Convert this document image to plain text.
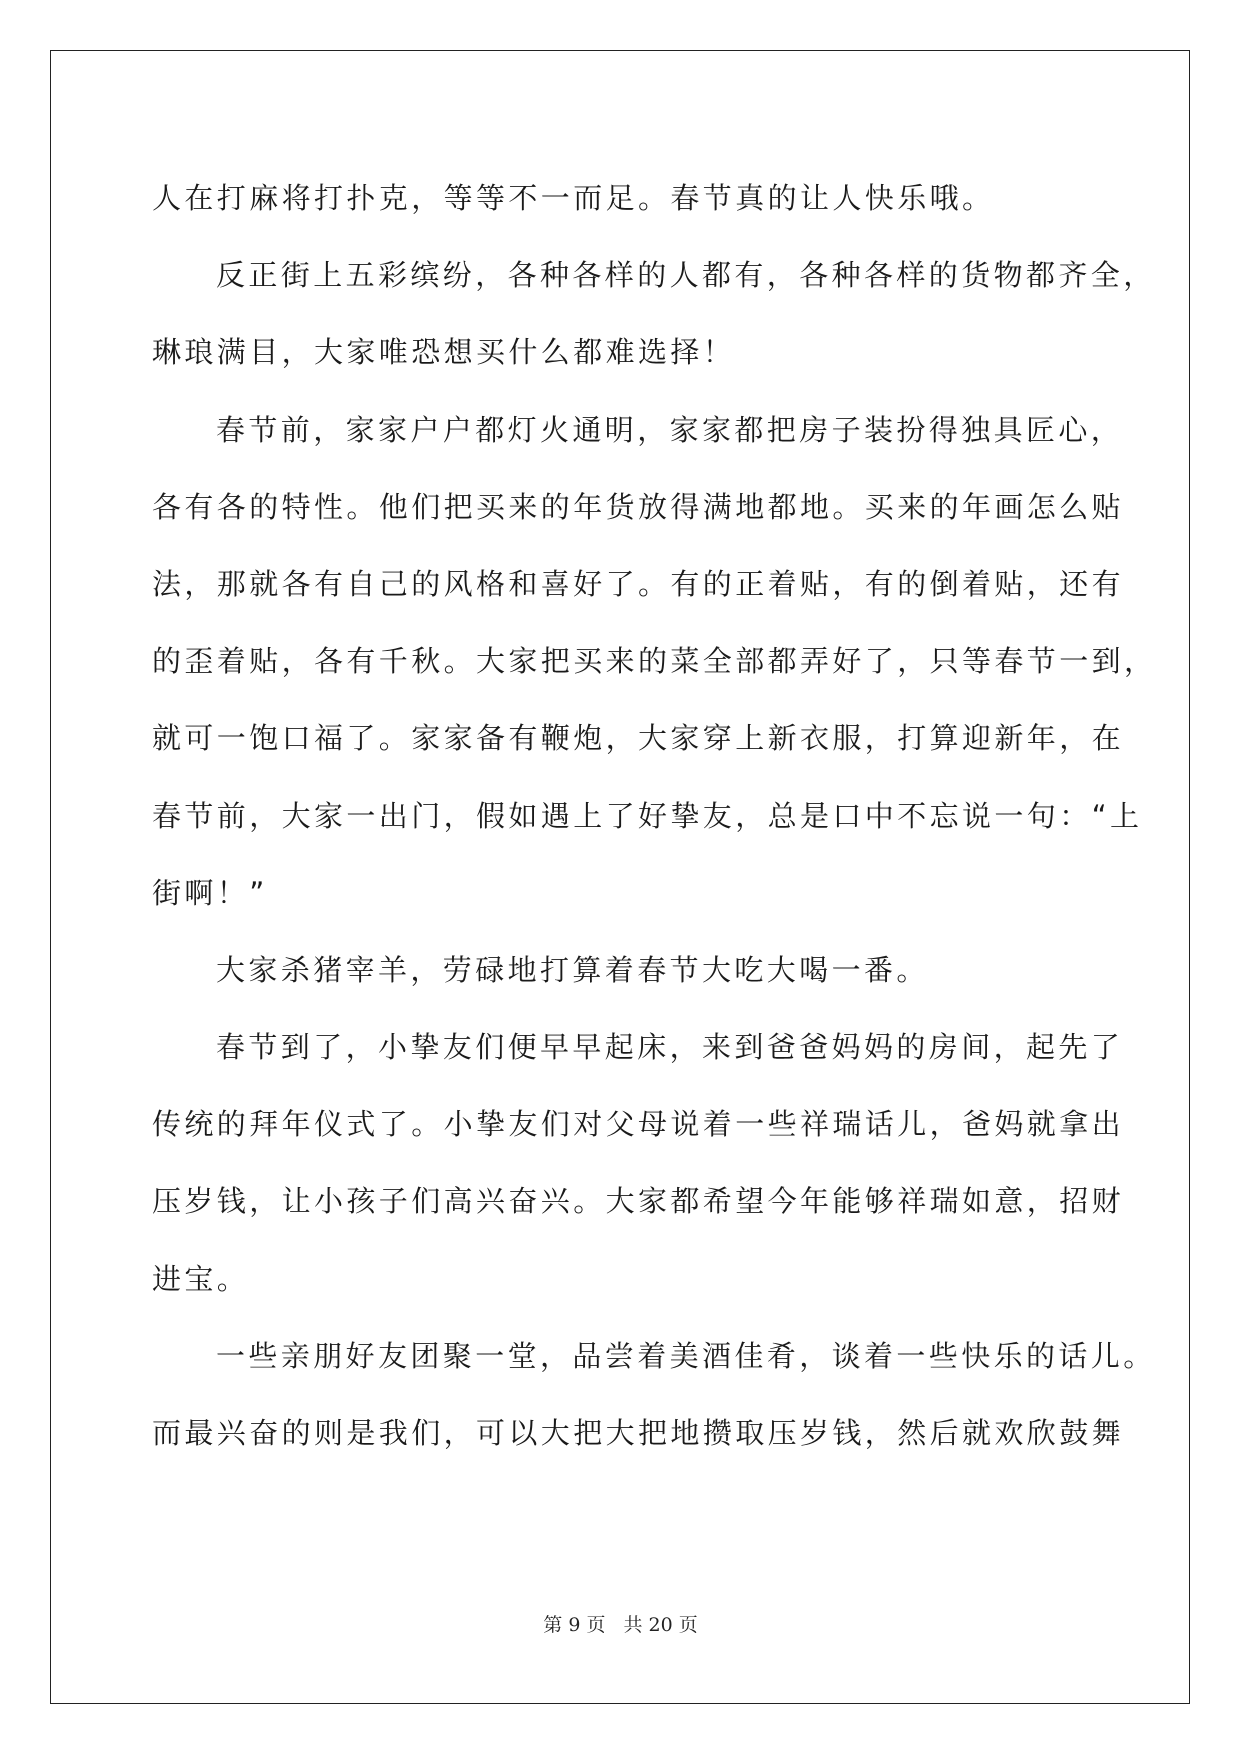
人在打麻将打扑克，等等不一而足。春节真的让人快乐哦。

反正街上五彩缤纷，各种各样的人都有，各种各样的货物都齐全，
琳琅满目，大家唯恐想买什么都难选择！

春节前，家家户户都灯火通明，家家都把房子装扮得独具匠心，
各有各的特性。他们把买来的年货放得满地都地。买来的年画怎么贴
法，那就各有自己的风格和喜好了。有的正着贴，有的倒着贴，还有
的歪着贴，各有千秋。大家把买来的菜全部都弄好了，只等春节一到，
就可一饱口福了。家家备有鞭炮，大家穿上新衣服，打算迎新年，在
春节前，大家一出门，假如遇上了好挚友，总是口中不忘说一句：“上
街啊！”

大家杀猪宰羊，劳碌地打算着春节大吃大喝一番。

春节到了，小挚友们便早早起床，来到爸爸妈妈的房间，起先了
传统的拜年仪式了。小挚友们对父母说着一些祥瑞话儿，爸妈就拿出
压岁钱，让小孩子们高兴奋兴。大家都希望今年能够祥瑞如意，招财
进宝。

一些亲朋好友团聚一堂，品尝着美酒佳肴，谈着一些快乐的话儿。
而最兴奋的则是我们，可以大把大把地攒取压岁钱，然后就欢欣鼓舞

第 9 页 共 20 页
